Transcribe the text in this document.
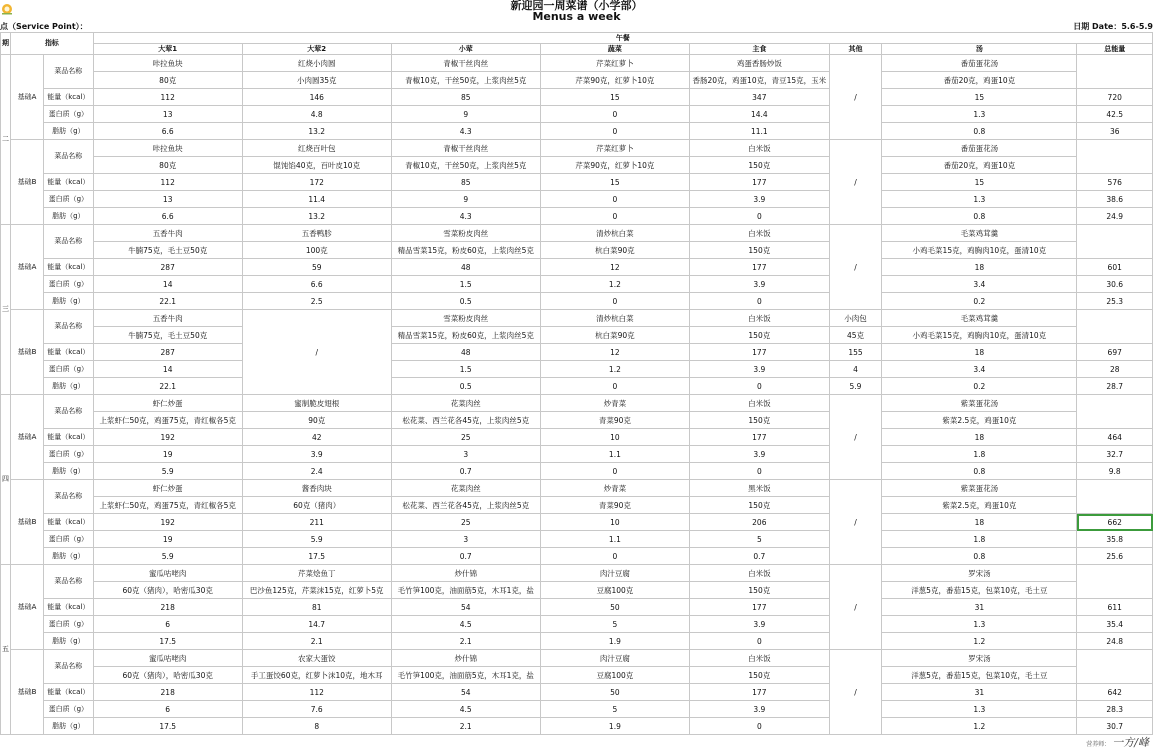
新迎园一周菜谱（小学部）
Menus a week
点（Service Point）：	日期 Date：5.6-5.9
期	指标		午餐							
			大荤1	大荤2	小荤	蔬菜	主食	其他	汤	总能量
二	基础A	菜品名称	咔拉鱼块	红烧小肉圆	青椒干丝肉丝	芹菜红萝卜	鸡蛋香肠炒饭	/	番茄蛋花汤	
			80克	小肉圆35克	青椒10克，干丝50克，上浆肉丝5克	芹菜90克，红萝卜10克	香肠20克，鸡蛋10克，青豆15克，玉米		番茄20克，鸡蛋10克	
		能量（kcal）	112	146	85	15	347		15	720
		蛋白质（g）	13	4.8	9	0	14.4		1.3	42.5
		脂肪（g）	6.6	13.2	4.3	0	11.1		0.8	36
	基础B	菜品名称	咔拉鱼块	红烧百叶包	青椒干丝肉丝	芹菜红萝卜	白米饭	/	番茄蛋花汤	
			80克	馄饨馅40克，百叶皮10克	青椒10克，干丝50克，上浆肉丝5克	芹菜90克，红萝卜10克	150克		番茄20克，鸡蛋10克	
		能量（kcal）	112	172	85	15	177		15	576
		蛋白质（g）	13	11.4	9	0	3.9		1.3	38.6
		脂肪（g）	6.6	13.2	4.3	0	0		0.8	24.9
三	基础A	菜品名称	五香牛肉	五香鸭胗	雪菜粉皮肉丝	清炒杭白菜	白米饭	/	毛菜鸡茸羹	
			牛腩75克，毛土豆50克	100克	精品雪菜15克，粉皮60克，上浆肉丝5克	杭白菜90克	150克		小鸡毛菜15克，鸡胸肉10克，蛋清10克	
		能量（kcal）	287	59	48	12	177		18	601
		蛋白质（g）	14	6.6	1.5	1.2	3.9		3.4	30.6
		脂肪（g）	22.1	2.5	0.5	0	0		0.2	25.3
	基础B	菜品名称	五香牛肉	/	雪菜粉皮肉丝	清炒杭白菜	白米饭	小肉包	毛菜鸡茸羹	
			牛腩75克，毛土豆50克		精品雪菜15克，粉皮60克，上浆肉丝5克	杭白菜90克	150克	45克	小鸡毛菜15克，鸡胸肉10克，蛋清10克	
		能量（kcal）	287		48	12	177	155	18	697
		蛋白质（g）	14		1.5	1.2	3.9	4	3.4	28
		脂肪（g）	22.1		0.5	0	0	5.9	0.2	28.7
四	基础A	菜品名称	虾仁炒蛋	蜜制脆皮翅根	花菜肉丝	炒青菜	白米饭	/	紫菜蛋花汤	
			上浆虾仁50克，鸡蛋75克，青红椒各5克	90克	松花菜、西兰花各45克，上浆肉丝5克	青菜90克	150克		紫菜2.5克，鸡蛋10克	
		能量（kcal）	192	42	25	10	177		18	464
		蛋白质（g）	19	3.9	3	1.1	3.9		1.8	32.7
		脂肪（g）	5.9	2.4	0.7	0	0		0.8	9.8
	基础B	菜品名称	虾仁炒蛋	酱香肉块	花菜肉丝	炒青菜	黑米饭	/	紫菜蛋花汤	
			上浆虾仁50克，鸡蛋75克，青红椒各5克	60克（猪肉）	松花菜、西兰花各45克，上浆肉丝5克	青菜90克	150克		紫菜2.5克，鸡蛋10克	
		能量（kcal）	192	211	25	10	206		18	662
		蛋白质（g）	19	5.9	3	1.1	5		1.8	35.8
		脂肪（g）	5.9	17.5	0.7	0	0.7		0.8	25.6
五	基础A	菜品名称	蜜瓜咕咾肉	芹菜烩鱼丁	炒什锦	肉汁豆腐	白米饭	/	罗宋汤	
			60克（猪肉），哈密瓜30克	巴沙鱼125克，芹菜沫15克，红萝卜5克	毛竹笋100克，油面筋5克，木耳1克，盐	豆腐100克	150克		洋葱5克，番茄15克，包菜10克，毛土豆	
		能量（kcal）	218	81	54	50	177		31	611
		蛋白质（g）	6	14.7	4.5	5	3.9		1.3	35.4
		脂肪（g）	17.5	2.1	2.1	1.9	0		1.2	24.8
	基础B	菜品名称	蜜瓜咕咾肉	农家大蛋饺	炒什锦	肉汁豆腐	白米饭	/	罗宋汤	
			60克（猪肉），哈密瓜30克	手工蛋饺60克，红萝卜沫10克，地木耳	毛竹笋100克，油面筋5克，木耳1克，盐	豆腐100克	150克		洋葱5克，番茄15克，包菜10克，毛土豆	
		能量（kcal）	218	112	54	50	177		31	642
		蛋白质（g）	6	7.6	4.5	5	3.9		1.3	28.3
		脂肪（g）	17.5	8	2.1	1.9	0		1.2	30.7
营养师： 一方/峰
